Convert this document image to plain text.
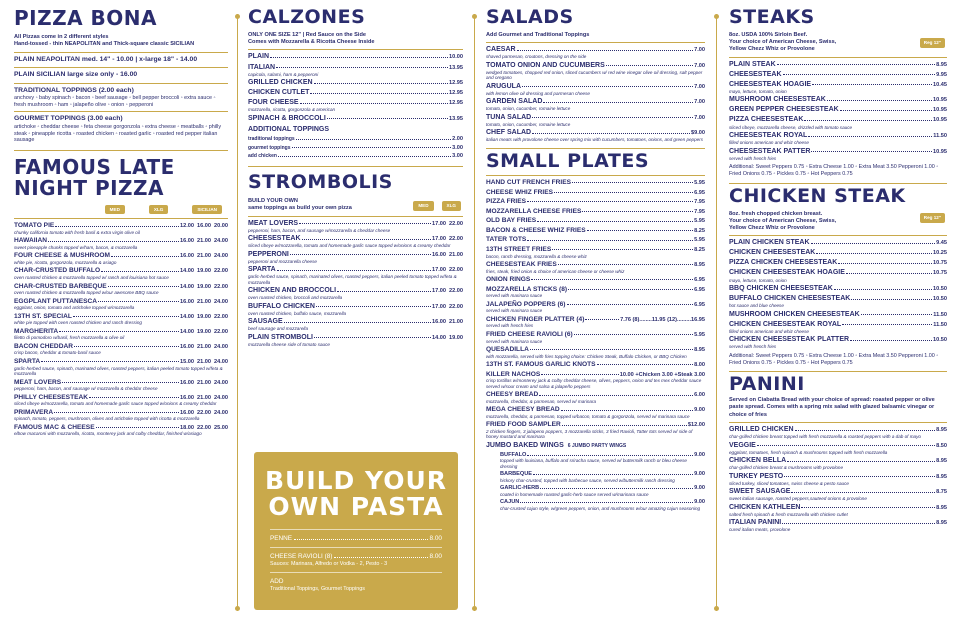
PIZZA BONA
All Pizzas come in 2 different styles
Hand-tossed - thin NEAPOLITAN and Thick-square classic SICILIAN
PLAIN NEAPOLITAN med. 14" - 10.00 | x-large 18" - 14.00
PLAIN SICILIAN large size only - 16.00
TRADITIONAL TOPPINGS (2.00 each)
anchovy ◦ baby spinach ◦ bacon ◦ beef sausage ◦ bell pepper broccoli ◦ extra sauce ◦ fresh mushroom ◦ ham ◦ jalapeño olive ◦ onion ◦ pepperoni
GOURMET TOPPINGS (3.00 each)
artichoke ◦ cheddar cheese ◦ feta cheese gorgonzola ◦ extra cheese ◦ meatballs ◦ philly steak ◦ pineapple ricotta ◦ roasted chicken ◦ roasted garlic ◦ roasted red pepper italian sausage
FAMOUS LATE
NIGHT PIZZA
MED	XLG	SICILIAN
TOMATO PIE	12.00 16.00 20.00
chunky california tomato with fresh basil & extra virgin olive oil
HAWAIIAN	16.00 21.00 24.00
sweet pineapple chunks topped w/ham, bacon, & mozzarella
FOUR CHEESE & MUSHROOM	16.00 21.00 24.00
white pie, ricotta, gorgonzola, mozzarella & asiago
CHAR-CRUSTED BUFFALO	14.00 19.00 22.00
oven roasted chicken & mozzarella topped w/ ranch and louisiana hot sauce
CHAR-CRUSTED BARBEQUE	14.00 19.00 22.00
oven roasted chicken & mozzarella topped w/our awesome BBQ sauce
EGGPLANT PUTTANESCA	16.00 21.00 24.00
eggplant, onion, tomato and artichoke topped w/mozzarella
13TH ST. SPECIAL	14.00 19.00 22.00
white pie topped with oven roasted chicken and ranch dressing
MARGHERITA	14.00 19.00 22.00
filetto di pomodoro w/basil, fresh mozzarella & olive oil
BACON CHEDDAR	16.00 21.00 24.00
crisp bacon, cheddar & tomato-basil sauce
SPARTA	15.00 21.00 24.00
garlic-herbed sauce, spinach, marinated olives, roasted peppers, italian peeled tomato topped w/feta & mozzarella
MEAT LOVERS	16.00 21.00 24.00
pepperoni, ham, bacon, and sausage w/ mozzarella & cheddar cheese
PHILLY CHEESESTEAK	16.00 21.00 24.00
sliced ribeye w/mozzarella, tomato and homemade garlic sauce topped w/onions & creamy cheddar
PRIMAVERA	16.00 22.00 24.00
spinach, tomato, peppers, mushroom, olives and artichoke topped with ricotta & mozzarella
FAMOUS MAC & CHEESE	18.00 22.00 25.00
elbow macaroni with mozzarella, ricotta, monterey jack and colby cheddar, finished w/asiago
CALZONES
ONLY ONE SIZE 12" | Red Sauce on the Side
Comes with Mozzarella & Ricotta Cheese Inside
PLAIN	10.00
ITALIAN	13.95
capicola, salami, ham & pepperoni
GRILLED CHICKEN	12.95
CHICKEN CUTLET	12.95
FOUR CHEESE	12.95
mozzarella, ricotta, gorgonzola & american
SPINACH & BROCCOLI	13.95
ADDITIONAL TOPPINGS
traditional toppings	2.00
gourmet toppings	3.00
add chicken	3.00
STROMBOLIS
BUILD YOUR OWN
same toppings as build your own pizza	MED	XLG
MEAT LOVERS	17.00 22.00
pepperoni, ham, bacon, and sausage w/mozzarella & cheddar cheese
CHEESESTEAK	17.00 22.00
sliced ribeye w/mozzarella, tomato and homemade garlic sauce topped w/onions & creamy cheddar
PEPPERONI	16.00 21.00
pepperoni and mozzarella cheese
SPARTA	17.00 22.00
garlic-herbed sauce, spinach, marinated olives, roasted peppers, italian peeled tomato topped w/feta & mozzarella
CHICKEN AND BROCCOLI	17.00 22.00
oven roasted chicken, broccoli and mozzarella
BUFFALO CHICKEN	17.00 22.00
oven roasted chicken, buffalo sauce, mozzarella
SAUSAGE	16.00 21.00
beef sausage and mozzarella
PLAIN STROMBOLI	14.00 19.00
mozzarella cheese side of tomato sauce
BUILD YOUR
OWN PASTA
PENNE	8.00
CHEESE RAVIOLI (8)	8.00
Sauces: Marinara, Alfredo or Vodka - 2, Pesto - 3
ADD
Traditional Toppings, Gourmet Toppings
SALADS
Add Gourmet and Traditional Toppings
CAESAR	7.00
shaved parmesan, croutons, dressing on the side
TOMATO ONION AND CUCUMBERS	7.00
wedged tomatoes, chopped red onion, sliced cucumbers w/ red wine vinegar olive oil dressing, salt pepper and oregano
ARUGULA	7.00
with lemon olive oil dressing and parmesan cheese
GARDEN SALAD	7.00
tomato, onion, cucumber, romaine lettuce
TUNA SALAD	7.00
tomato, onion, cucumber, romaine lettuce
CHEF SALAD	$9.00
italian meats with provolone cheese over spring mix with cucumbers, tomatoes, onions, and green peppers
SMALL PLATES
HAND CUT FRENCH FRIES	5.95
CHEESE WHIZ FRIES	6.95
PIZZA FRIES	7.95
MOZZARELLA CHEESE FRIES	7.95
OLD BAY FRIES	5.95
BACON & CHEESE WHIZ FRIES	8.25
TATER TOTS	5.95
13TH STREET FRIES	8.25
bacon, ranch dressing, mozzarella & cheese whiz
CHEESESTEAK FRIES	8.95
fries, steak, fried onion & choice of american cheese or cheese whiz
ONION RINGS	6.95
MOZZARELLA STICKS (8)	6.95
served with marinara sauce
JALAPEÑO POPPERS (6)	6.95
served with marinara sauce
CHICKEN FINGER PLATTER (4)	7.76 (8)........11.95 (12).........16.95
served with french fries
FRIED CHEESE RAVIOLI (6)	5.95
served with marinara sauce
QUESADILLA	8.95
with mozzarella, served with fries topping choice: Chicken Steak, Buffalo Chicken, or BBQ Chicken
13TH ST. FAMOUS GARLIC KNOTS	8.00
KILLER NACHOS	10.00 +Chicken 3.00 +Steak 3.00
crisp tortillas w/monterey jack & colby cheddar cheese, olives, peppers, onion and tex mex cheddar sauce served w/sour cream and salsa & jalapeño peppers
CHEESY BREAD	6.00
mozzarella, cheddar, & parmesan, served w/ marinara
MEGA CHEESY BREAD	9.00
mozzarella, cheddar, & parmesan, topped w/bacon, tomato & gorgonzola, served w/ marinara sauce
FRIED FOOD SAMPLER	$12.00
2 chicken fingers, 3 jalapeno poppers, 3 mozzarella sticks, 3 fried Ravioli, Tatter tots served w/ side of honey mustard and marinara
JUMBO BAKED WINGS 6 JUMBO PARTY WINGS
BUFFALO	9.00
topped with louisiana, buffalo and sriracha sauce, served w/ buttermilk ranch or bleu cheese dressing
BARBEQUE	9.00
hickory char-crusted, topped with barbecue sauce, served w/buttermilk ranch dressing
GARLIC-HERB	9.00
coated in homemade roasted garlic-herb sauce served w/marinara sauce
CAJUN	9.00
char-crusted cajun style, w/green peppers, onion, and mushrooms w/our amazing cajun seasoning
STEAKS
8oz. USDA 100% Sirloin Beef.
Your choice of American Cheese, Swiss,
Yellow Chezz Whiz or Provolone
Reg 12"
PLAIN STEAK	8.95
CHEESESTEAK	9.95
CHEESESTEAK HOAGIE	10.45
mayo, lettuce, tomato, onion
MUSHROOM CHEESESTEAK	10.95
GREEN PEPPER CHEESESTEAK	10.95
PIZZA CHEESESTEAK	10.95
sliced ribeye, mozzarella cheese, drizzled with tomato sauce
CHEESESTEAK ROYAL	11.50
filled onions american and whiz cheese
CHEESESTEAK PATTER	10.95
served with french fries
Additional: Sweet Peppers 0.75 ◦ Extra Cheese 1.00 ◦ Extra Meat 3.50 Pepperoni 1.00 ◦ Fried Onions 0.75 ◦ Pickles 0.75 ◦ Hot Peppers 0.75
CHICKEN STEAK
8oz. fresh chopped chicken breast.
Your choice of American Cheese, Swiss,
Yellow Chezz Whiz or Provolone
Reg 12"
PLAIN CHICKEN STEAK	9.45
CHICKEN CHEESESTEAK	10.25
PIZZA CHICKEN CHEESESTEAK	10.75
CHICKEN CHEESESTEAK HOAGIE	10.75
mayo, lettuce, tomato, onion
BBQ CHICKEN CHEESESTEAK	10.50
BUFFALO CHICKEN CHEESESTEAK	10.50
hot sauce and blue cheese
MUSHROOM CHICKEN CHEESESTEAK	11.50
CHICKEN CHEESESTEAK ROYAL	11.50
filled onions american and whiz cheese
CHICKEN CHEESESTEAK PLATTER	10.50
served with french fries
Additional: Sweet Peppers 0.75 ◦ Extra Cheese 1.00 ◦ Extra Meat 3.50 Pepperoni 1.00 ◦ Fried Onions 0.75 ◦ Pickles 0.75 ◦ Hot Peppers 0.75
PANINI
Served on Ciabatta Bread with your choice of spread: roasted pepper or olive paste spread. Comes with a spring mix salad with glazed balsamic vinegar or choice of fries
GRILLED CHICKEN	8.95
char-grilled chicken breast topped with fresh mozzarella & roasted peppers with a dab of mayo
VEGGIE	8.50
eggplant, tomatoes, fresh spinach & mushrooms topped with fresh mozzarella
CHICKEN BELLA	8.95
char-grilled chicken breast & mushrooms with provolone
TURKEY PESTO	8.95
sliced turkey, sliced tomatoes, swiss cheese & pesto sauce
SWEET SAUSAGE	8.75
sweet italian sausage, roasted peppers,sauteed onions & provolone
CHICKEN KATHLEEN	8.95
salted fresh spinach & fresh mozzarella with chicken cutlet
ITALIAN PANINI	8.95
cured italian meats, provolone
